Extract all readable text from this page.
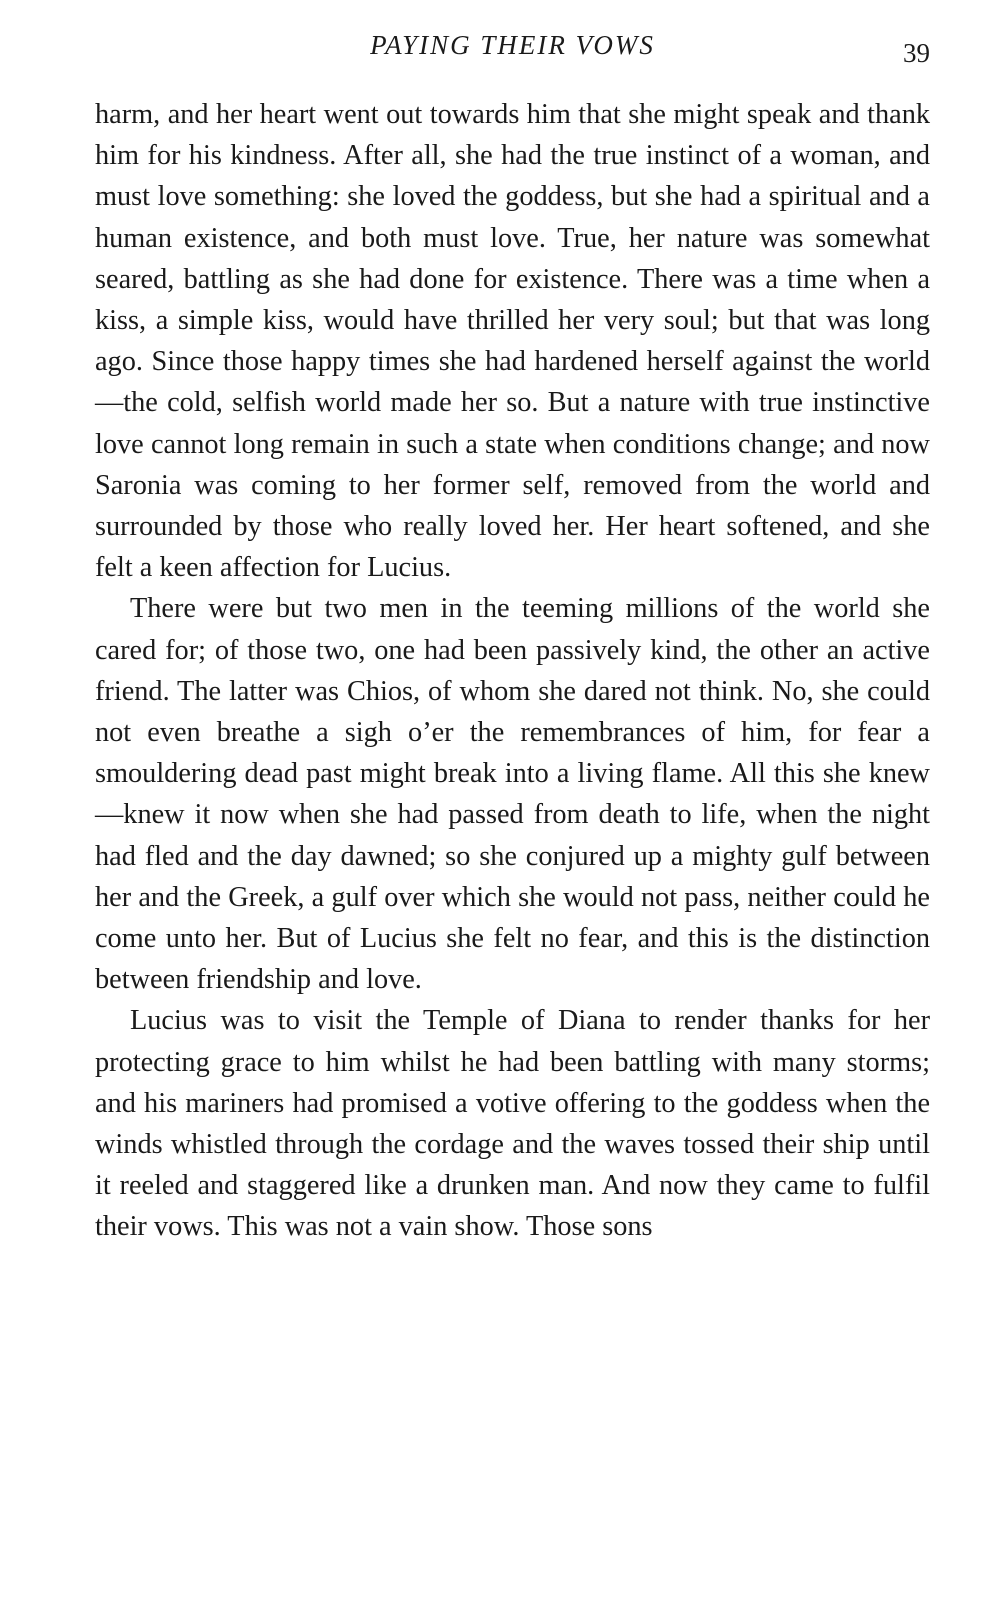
PAYING THEIR VOWS	39

harm, and her heart went out towards him that she might speak and thank him for his kindness. After all, she had the true instinct of a woman, and must love something: she loved the goddess, but she had a spiritual and a human existence, and both must love. True, her nature was somewhat seared, battling as she had done for existence. There was a time when a kiss, a simple kiss, would have thrilled her very soul; but that was long ago. Since those happy times she had hardened herself against the world—the cold, selfish world made her so. But a nature with true instinctive love cannot long remain in such a state when conditions change; and now Saronia was coming to her former self, removed from the world and surrounded by those who really loved her. Her heart softened, and she felt a keen affection for Lucius.

There were but two men in the teeming millions of the world she cared for; of those two, one had been passively kind, the other an active friend. The latter was Chios, of whom she dared not think. No, she could not even breathe a sigh o’er the remembrances of him, for fear a smouldering dead past might break into a living flame. All this she knew—knew it now when she had passed from death to life, when the night had fled and the day dawned; so she conjured up a mighty gulf between her and the Greek, a gulf over which she would not pass, neither could he come unto her. But of Lucius she felt no fear, and this is the distinction between friendship and love.

Lucius was to visit the Temple of Diana to render thanks for her protecting grace to him whilst he had been battling with many storms; and his mariners had promised a votive offering to the goddess when the winds whistled through the cordage and the waves tossed their ship until it reeled and staggered like a drunken man. And now they came to fulfil their vows. This was not a vain show. Those sons
